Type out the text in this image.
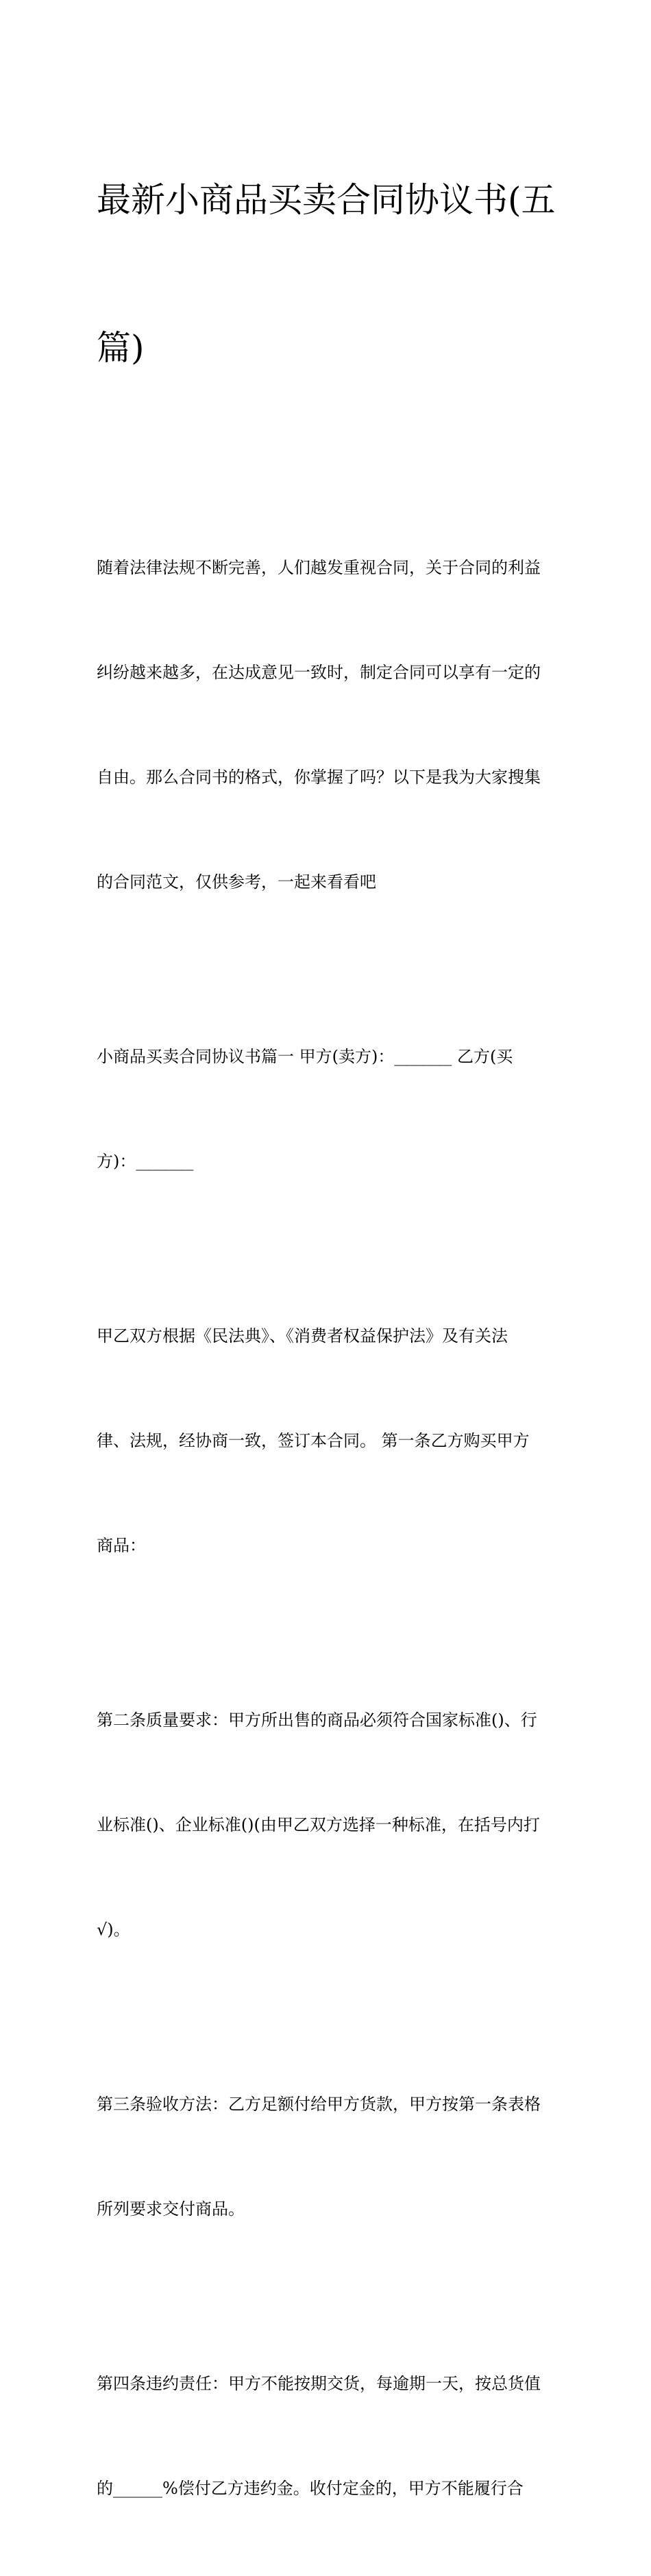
最新小商品买卖合同协议书(五

篇)

随着法律法规不断完善，人们越发重视合同，关于合同的利益

纠纷越来越多，在达成意见一致时，制定合同可以享有一定的

自由。那么合同书的格式，你掌握了吗？以下是我为大家搜集

的合同范文，仅供参考，一起来看看吧

小商品买卖合同协议书篇一 甲方(卖方)：_______ 乙方(买

方)：_______

甲乙双方根据《民法典》、《消费者权益保护法》及有关法

律、法规，经协商一致，签订本合同。 第一条乙方购买甲方

商品：

第二条质量要求：甲方所出售的商品必须符合国家标准()、行

业标准()、企业标准()(由甲乙双方选择一种标准，在括号内打

√)。

第三条验收方法：乙方足额付给甲方货款，甲方按第一条表格

所列要求交付商品。

第四条违约责任：甲方不能按期交货，每逾期一天，按总货值

的______%偿付乙方违约金。收付定金的，甲方不能履行合
